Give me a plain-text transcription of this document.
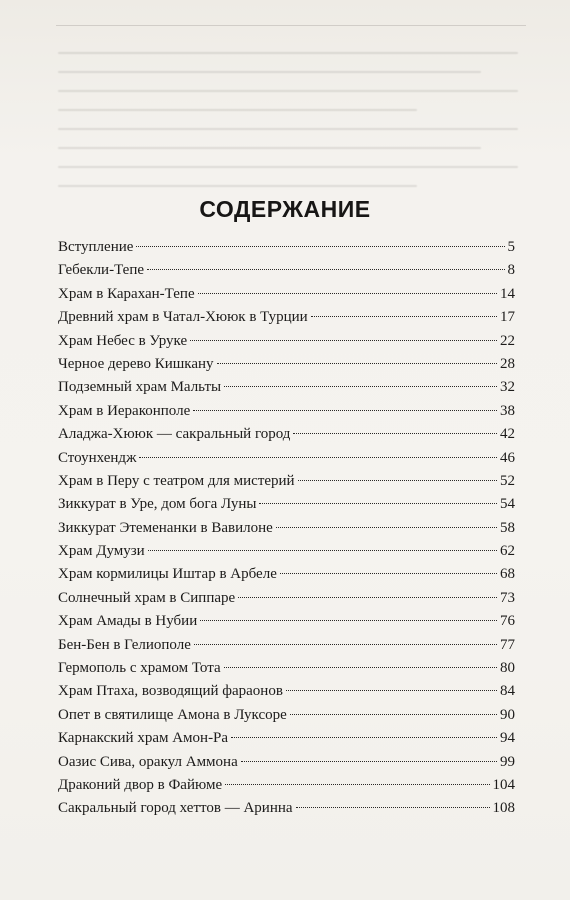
СОДЕРЖАНИЕ
Вступление	5
Гебекли-Тепе	8
Храм в Карахан-Тепе	14
Древний храм в Чатал-Хююк в Турции	17
Храм Небес в Уруке	22
Черное дерево Кишкану	28
Подземный храм Мальты	32
Храм в Иераконполе	38
Аладжа-Хююк — сакральный город	42
Стоунхендж	46
Храм в Перу с театром для мистерий	52
Зиккурат в Уре, дом бога Луны	54
Зиккурат Этеменанки в Вавилоне	58
Храм Думузи	62
Храм кормилицы Иштар в Арбеле	68
Солнечный храм в Сиппаре	73
Храм Амады в Нубии	76
Бен-Бен в Гелиополе	77
Гермополь с храмом Тота	80
Храм Птаха, возводящий фараонов	84
Опет в святилище Амона в Луксоре	90
Карнакский храм Амон-Ра	94
Оазис Сива, оракул Аммона	99
Драконий двор в Файюме	104
Сакральный город хеттов — Аринна	108
